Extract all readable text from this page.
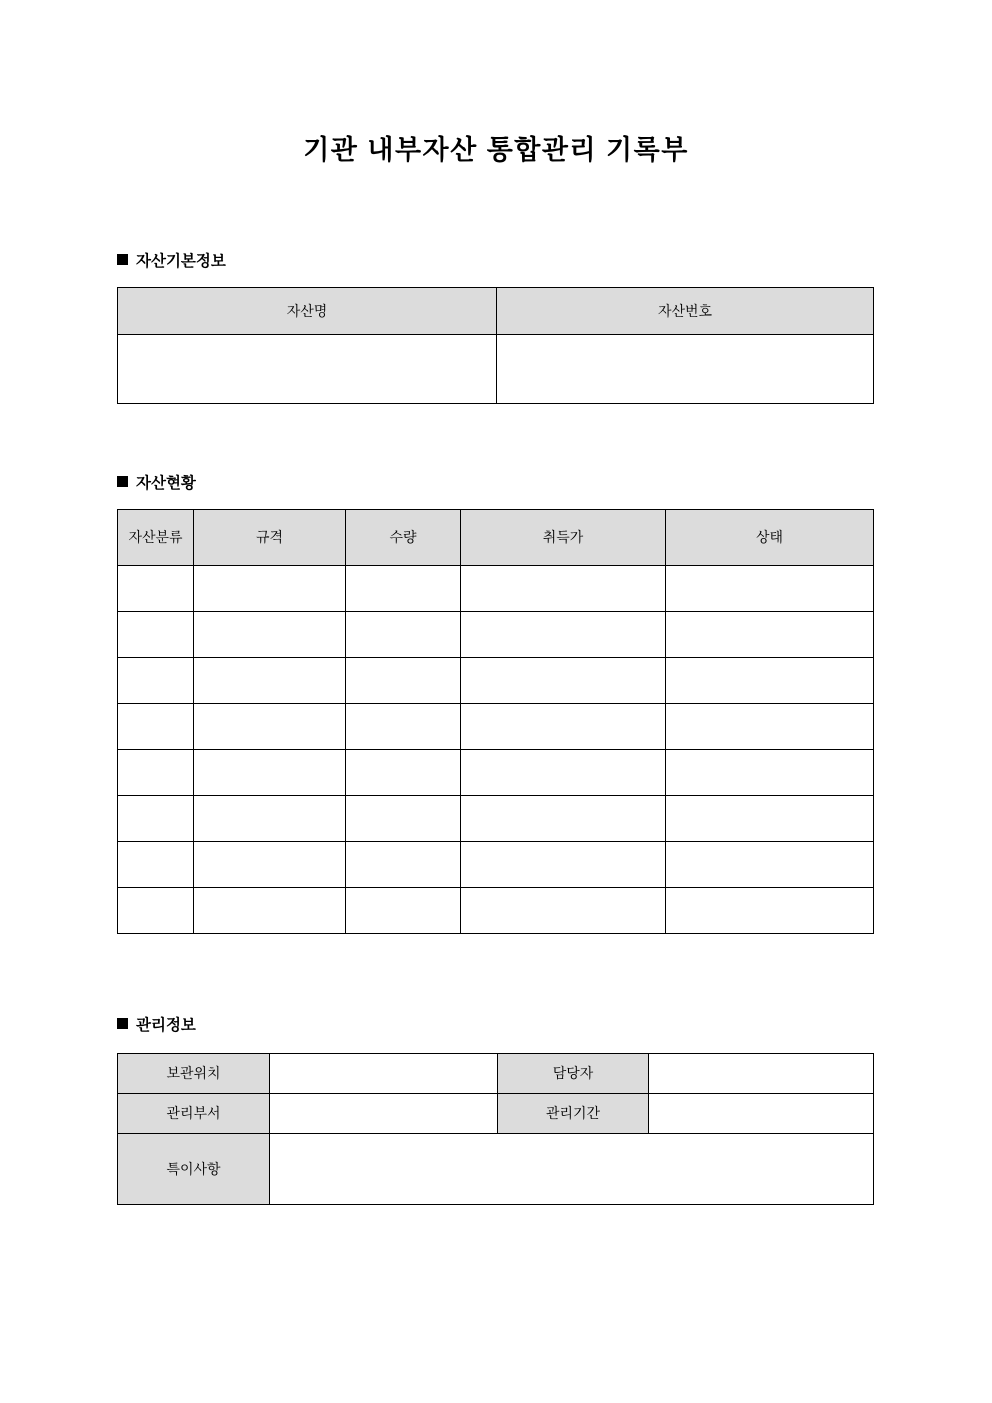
기관 내부자산 통합관리 기록부
자산기본정보
자산명	자산번호

자산현황
자산분류	규격	수량	취득가	상태

관리정보
보관위치		담당자	
관리부서		관리기간	
특이사항			
